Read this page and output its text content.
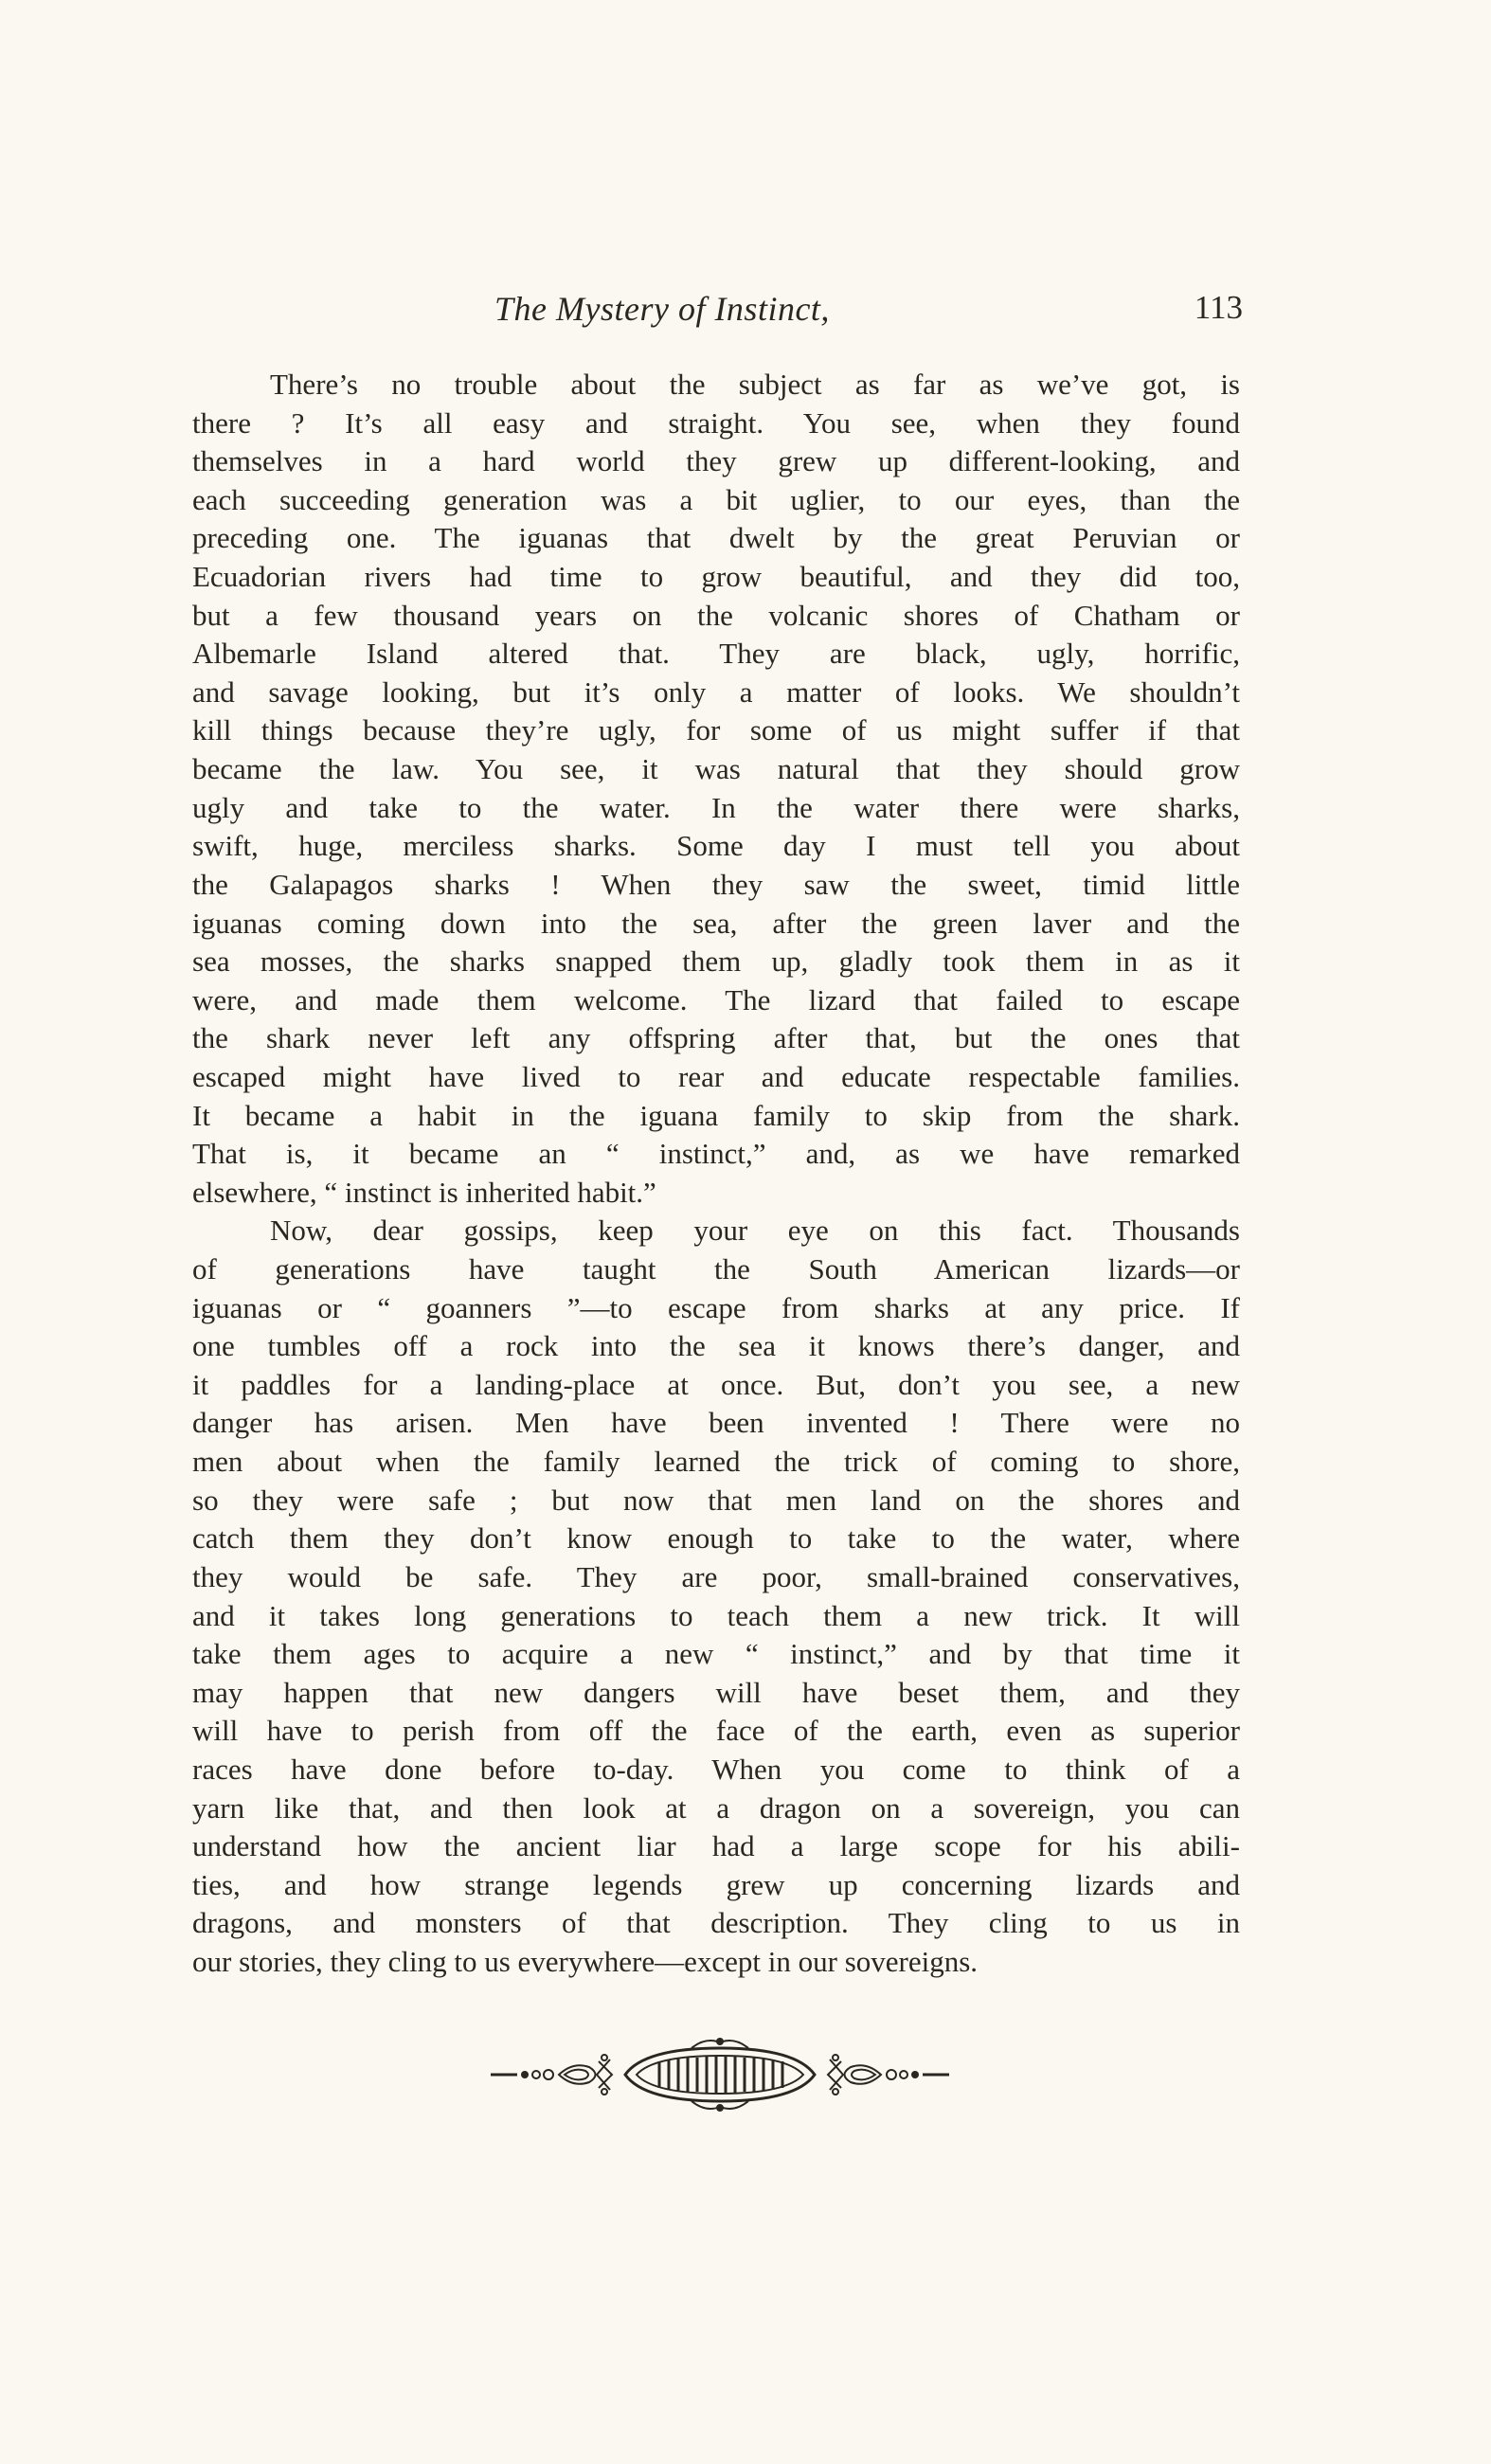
The Mystery of Instinct,	113
There’s no trouble about the subject as far as we’ve got, is
there ? It’s all easy and straight. You see, when they found
themselves in a hard world they grew up different-looking, and
each succeeding generation was a bit uglier, to our eyes, than the
preceding one. The iguanas that dwelt by the great Peruvian or
Ecuadorian rivers had time to grow beautiful, and they did too,
but a few thousand years on the volcanic shores of Chatham or
Albemarle Island altered that. They are black, ugly, horrific,
and savage looking, but it’s only a matter of looks. We shouldn’t
kill things because they’re ugly, for some of us might suffer if that
became the law. You see, it was natural that they should grow
ugly and take to the water. In the water there were sharks,
swift, huge, merciless sharks. Some day I must tell you about
the Galapagos sharks ! When they saw the sweet, timid little
iguanas coming down into the sea, after the green laver and the
sea mosses, the sharks snapped them up, gladly took them in as it
were, and made them welcome. The lizard that failed to escape
the shark never left any offspring after that, but the ones that
escaped might have lived to rear and educate respectable families.
It became a habit in the iguana family to skip from the shark.
That is, it became an “ instinct,” and, as we have remarked
elsewhere, “ instinct is inherited habit.”
Now, dear gossips, keep your eye on this fact. Thousands
of generations have taught the South American lizards—or
iguanas or “ goanners ”—to escape from sharks at any price. If
one tumbles off a rock into the sea it knows there’s danger, and
it paddles for a landing-place at once. But, don’t you see, a new
danger has arisen. Men have been invented ! There were no
men about when the family learned the trick of coming to shore,
so they were safe ; but now that men land on the shores and
catch them they don’t know enough to take to the water, where
they would be safe. They are poor, small-brained conservatives,
and it takes long generations to teach them a new trick. It will
take them ages to acquire a new “ instinct,” and by that time it
may happen that new dangers will have beset them, and they
will have to perish from off the face of the earth, even as superior
races have done before to-day. When you come to think of a
yarn like that, and then look at a dragon on a sovereign, you can
understand how the ancient liar had a large scope for his abili-
ties, and how strange legends grew up concerning lizards and
dragons, and monsters of that description. They cling to us in
our stories, they cling to us everywhere—except in our sovereigns.
